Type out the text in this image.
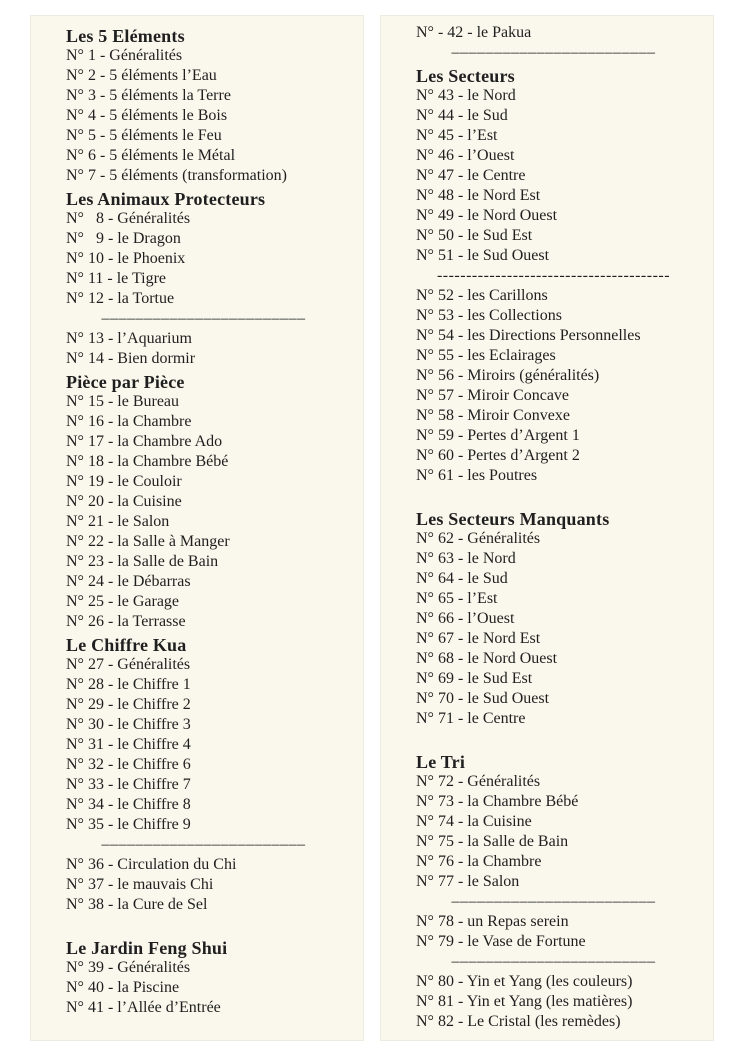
Les 5 Eléments
N° 1 - Généralités
N° 2 - 5 éléments l’Eau
N° 3 - 5 éléments la Terre
N° 4 - 5 éléments le Bois
N° 5 - 5 éléments le Feu
N° 6 - 5 éléments le Métal
N° 7 - 5 éléments (transformation)
Les Animaux Protecteurs
N°   8 - Généralités
N°   9 - le Dragon
N° 10 - le Phoenix
N° 11 - le Tigre
N° 12 - la Tortue
––––––––––––––––––––––––
N° 13 - l’Aquarium
N° 14 - Bien dormir
Pièce par Pièce
N° 15 - le Bureau
N° 16 - la Chambre
N° 17 - la Chambre Ado
N° 18 - la Chambre Bébé
N° 19 - le Couloir
N° 20 - la Cuisine
N° 21 - le Salon
N° 22 - la Salle à Manger
N° 23 - la Salle de Bain
N° 24 - le Débarras
N° 25 - le Garage
N° 26 - la Terrasse
Le Chiffre Kua
N° 27 - Généralités
N° 28 - le Chiffre 1
N° 29 - le Chiffre 2
N° 30 - le Chiffre 3
N° 31 - le Chiffre 4
N° 32 - le Chiffre 6
N° 33 - le Chiffre 7
N° 34 - le Chiffre 8
N° 35 - le Chiffre 9
––––––––––––––––––––––––
N° 36 - Circulation du Chi
N° 37 - le mauvais Chi
N° 38 - la Cure de Sel
Le Jardin Feng Shui
N° 39 - Généralités
N° 40 - la Piscine
N° 41 - l’Allée d’Entrée
N° - 42 - le Pakua
––––––––––––––––––––––––
Les Secteurs
N° 43 - le Nord
N° 44 - le Sud
N° 45 - l’Est
N° 46 - l’Ouest
N° 47 - le Centre
N° 48 - le Nord Est
N° 49 - le Nord Ouest
N° 50 - le Sud Est
N° 51 - le Sud Ouest
----------------------------------------
N° 52 - les Carillons
N° 53 - les Collections
N° 54 - les Directions Personnelles
N° 55 - les Eclairages
N° 56 - Miroirs (généralités)
N° 57 - Miroir Concave
N° 58 - Miroir Convexe
N° 59 - Pertes d’Argent 1
N° 60 - Pertes d’Argent 2
N° 61 - les Poutres
Les Secteurs Manquants
N° 62 - Généralités
N° 63 - le Nord
N° 64 - le Sud
N° 65 - l’Est
N° 66 - l’Ouest
N° 67 - le Nord Est
N° 68 - le Nord Ouest
N° 69 - le Sud Est
N° 70 - le Sud Ouest
N° 71 - le Centre
Le Tri
N° 72 - Généralités
N° 73 - la Chambre Bébé
N° 74 - la Cuisine
N° 75 - la Salle de Bain
N° 76 - la Chambre
N° 77 - le Salon
––––––––––––––––––––––––
N° 78 - un Repas serein
N° 79 - le Vase de Fortune
––––––––––––––––––––––––
N° 80 - Yin et Yang (les couleurs)
N° 81 - Yin et Yang (les matières)
N° 82 - Le Cristal (les remèdes)
